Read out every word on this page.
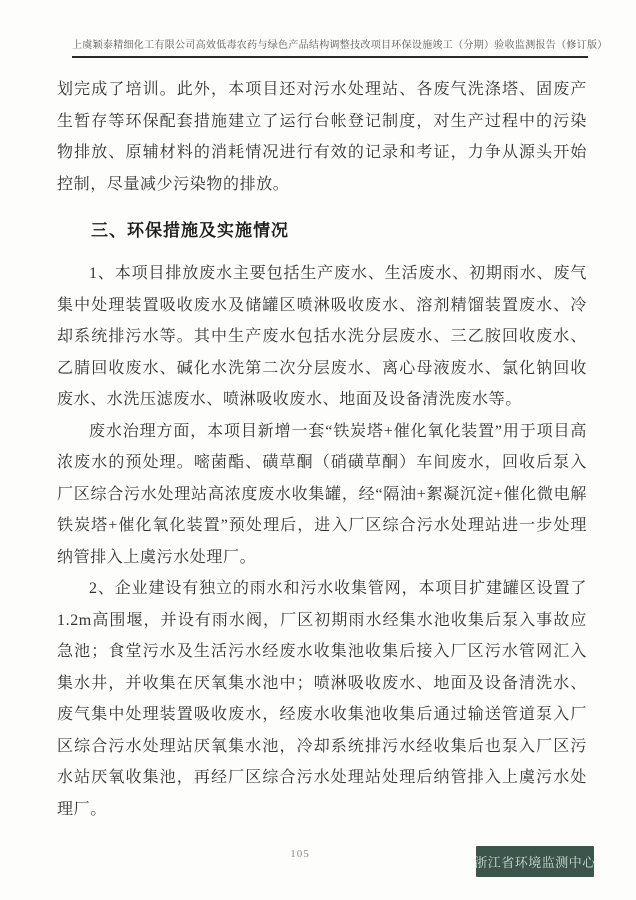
上虞颖泰精细化工有限公司高效低毒农药与绿色产品结构调整技改项目环保设施竣工（分期）验收监测报告（修订版）

划完成了培训。此外，本项目还对污水处理站、各废气洗涤塔、固废产生暂存等环保配套措施建立了运行台帐登记制度，对生产过程中的污染物排放、原辅材料的消耗情况进行有效的记录和考证，力争从源头开始控制，尽量减少污染物的排放。

三、环保措施及实施情况

1、本项目排放废水主要包括生产废水、生活废水、初期雨水、废气集中处理装置吸收废水及储罐区喷淋吸收废水、溶剂精馏装置废水、冷却系统排污水等。其中生产废水包括水洗分层废水、三乙胺回收废水、乙腈回收废水、碱化水洗第二次分层废水、离心母液废水、氯化钠回收废水、水洗压滤废水、喷淋吸收废水、地面及设备清洗废水等。

废水治理方面，本项目新增一套“铁炭塔+催化氧化装置”用于项目高浓废水的预处理。嘧菌酯、磺草酮（硝磺草酮）车间废水，回收后泵入厂区综合污水处理站高浓度废水收集罐，经“隔油+絮凝沉淀+催化微电解铁炭塔+催化氧化装置”预处理后，进入厂区综合污水处理站进一步处理纳管排入上虞污水处理厂。

2、企业建设有独立的雨水和污水收集管网，本项目扩建罐区设置了1.2m高围堰，并设有雨水阀，厂区初期雨水经集水池收集后泵入事故应急池；食堂污水及生活污水经废水收集池收集后接入厂区污水管网汇入集水井，并收集在厌氧集水池中；喷淋吸收废水、地面及设备清洗水、废气集中处理装置吸收废水，经废水收集池收集后通过输送管道泵入厂区综合污水处理站厌氧集水池，冷却系统排污水经收集后也泵入厂区污水站厌氧收集池，再经厂区综合污水处理站处理后纳管排入上虞污水处理厂。

105
浙江省环境监测中心
